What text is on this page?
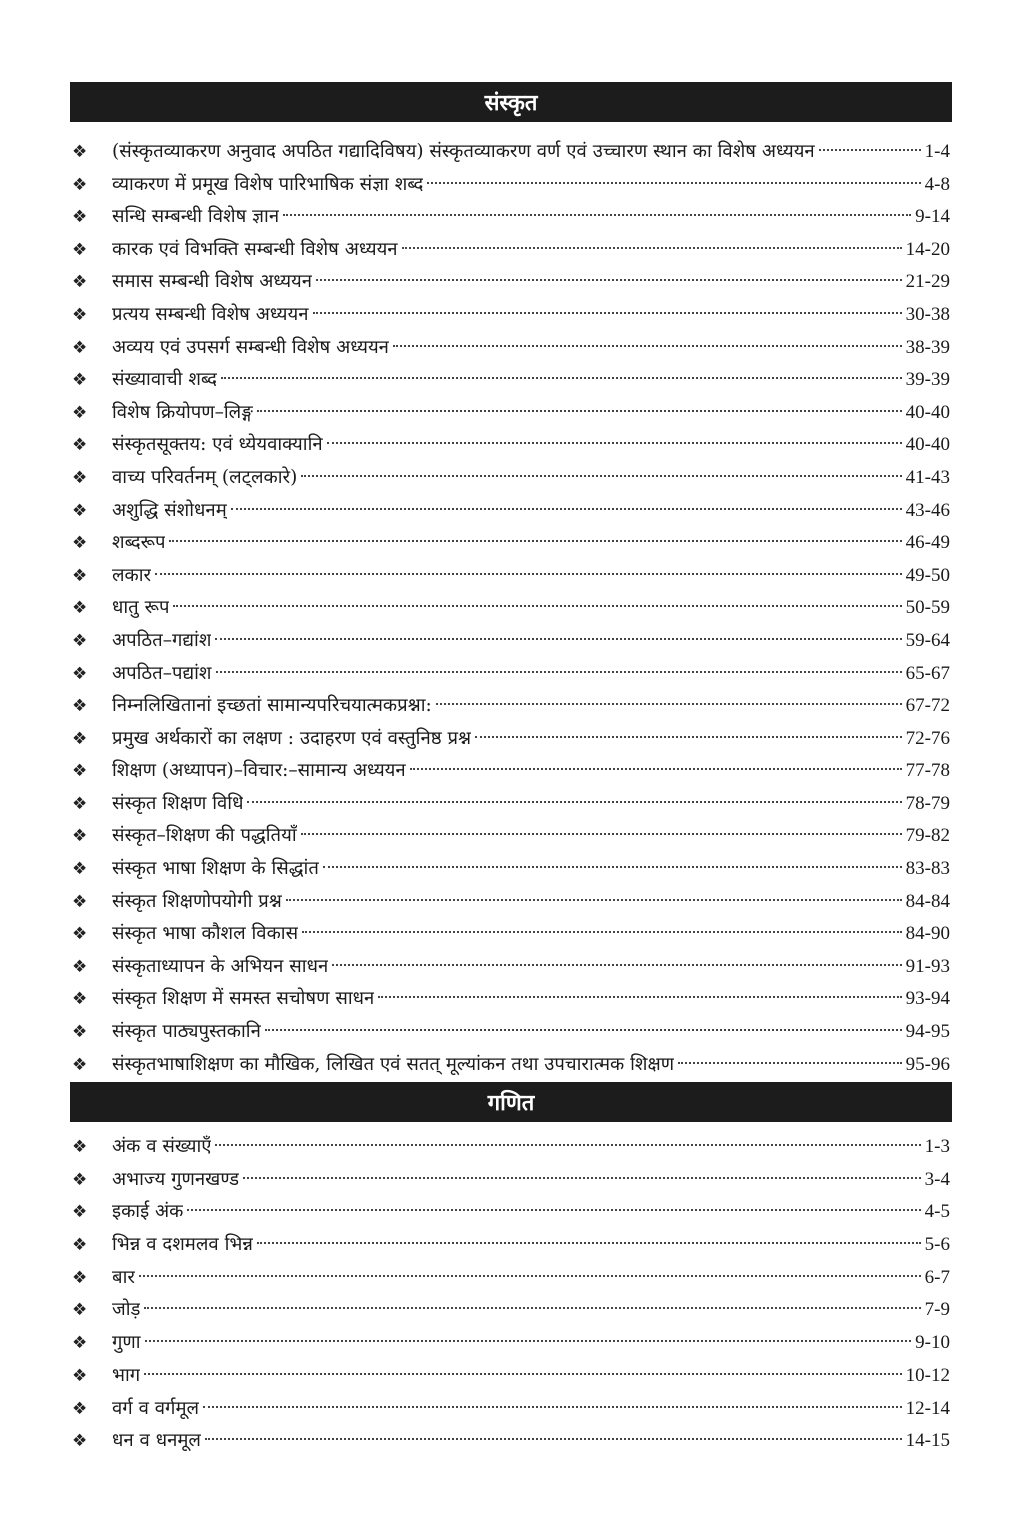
संस्कृत
❖	(संस्कृतव्याकरण अनुवाद अपठित गद्यादिविषय) संस्कृतव्याकरण वर्ण एवं उच्चारण स्थान का विशेष अध्ययन	1-4
❖	व्याकरण में प्रमूख विशेष पारिभाषिक संज्ञा शब्द	4-8
❖	सन्धि सम्बन्धी विशेष ज्ञान	9-14
❖	कारक एवं विभक्ति सम्बन्धी विशेष अध्ययन	14-20
❖	समास सम्बन्धी विशेष अध्ययन	21-29
❖	प्रत्यय सम्बन्धी विशेष अध्ययन	30-38
❖	अव्यय एवं उपसर्ग सम्बन्धी विशेष अध्ययन	38-39
❖	संख्यावाची शब्द	39-39
❖	विशेष क्रियोपण–लिङ्ग	40-40
❖	संस्कृतसूक्तय: एवं ध्येयवाक्यानि	40-40
❖	वाच्य परिवर्तनम् (लट्‌लकारे)	41-43
❖	अशुद्धि संशोधनम्	43-46
❖	शब्दरूप	46-49
❖	लकार	49-50
❖	धातु रूप	50-59
❖	अपठित–गद्यांश	59-64
❖	अपठित–पद्यांश	65-67
❖	निम्नलिखितानां इच्छतां सामान्यपरिचयात्मकप्रश्ना:	67-72
❖	प्रमुख अर्थकारों का लक्षण : उदाहरण एवं वस्तुनिष्ठ प्रश्न	72-76
❖	शिक्षण (अध्यापन)–विचार:–सामान्य अध्ययन	77-78
❖	संस्कृत शिक्षण विधि	78-79
❖	संस्कृत–शिक्षण की पद्धतियाँ	79-82
❖	संस्कृत भाषा शिक्षण के सिद्धांत	83-83
❖	संस्कृत शिक्षणोपयोगी प्रश्न	84-84
❖	संस्कृत भाषा कौशल विकास	84-90
❖	संस्कृताध्यापन के अभियन साधन	91-93
❖	संस्कृत शिक्षण में समस्त सचोषण साधन	93-94
❖	संस्कृत पाठ्यपुस्तकानि	94-95
❖	संस्कृतभाषाशिक्षण का मौखिक, लिखित एवं सतत् मूल्यांकन तथा उपचारात्मक शिक्षण	95-96
गणित
❖	अंक व संख्याएँ	1-3
❖	अभाज्य गुणनखण्ड	3-4
❖	इकाई अंक	4-5
❖	भिन्न व दशमलव भिन्न	5-6
❖	बार	6-7
❖	जोड़	7-9
❖	गुणा	9-10
❖	भाग	10-12
❖	वर्ग व वर्गमूल	12-14
❖	धन व धनमूल	14-15
